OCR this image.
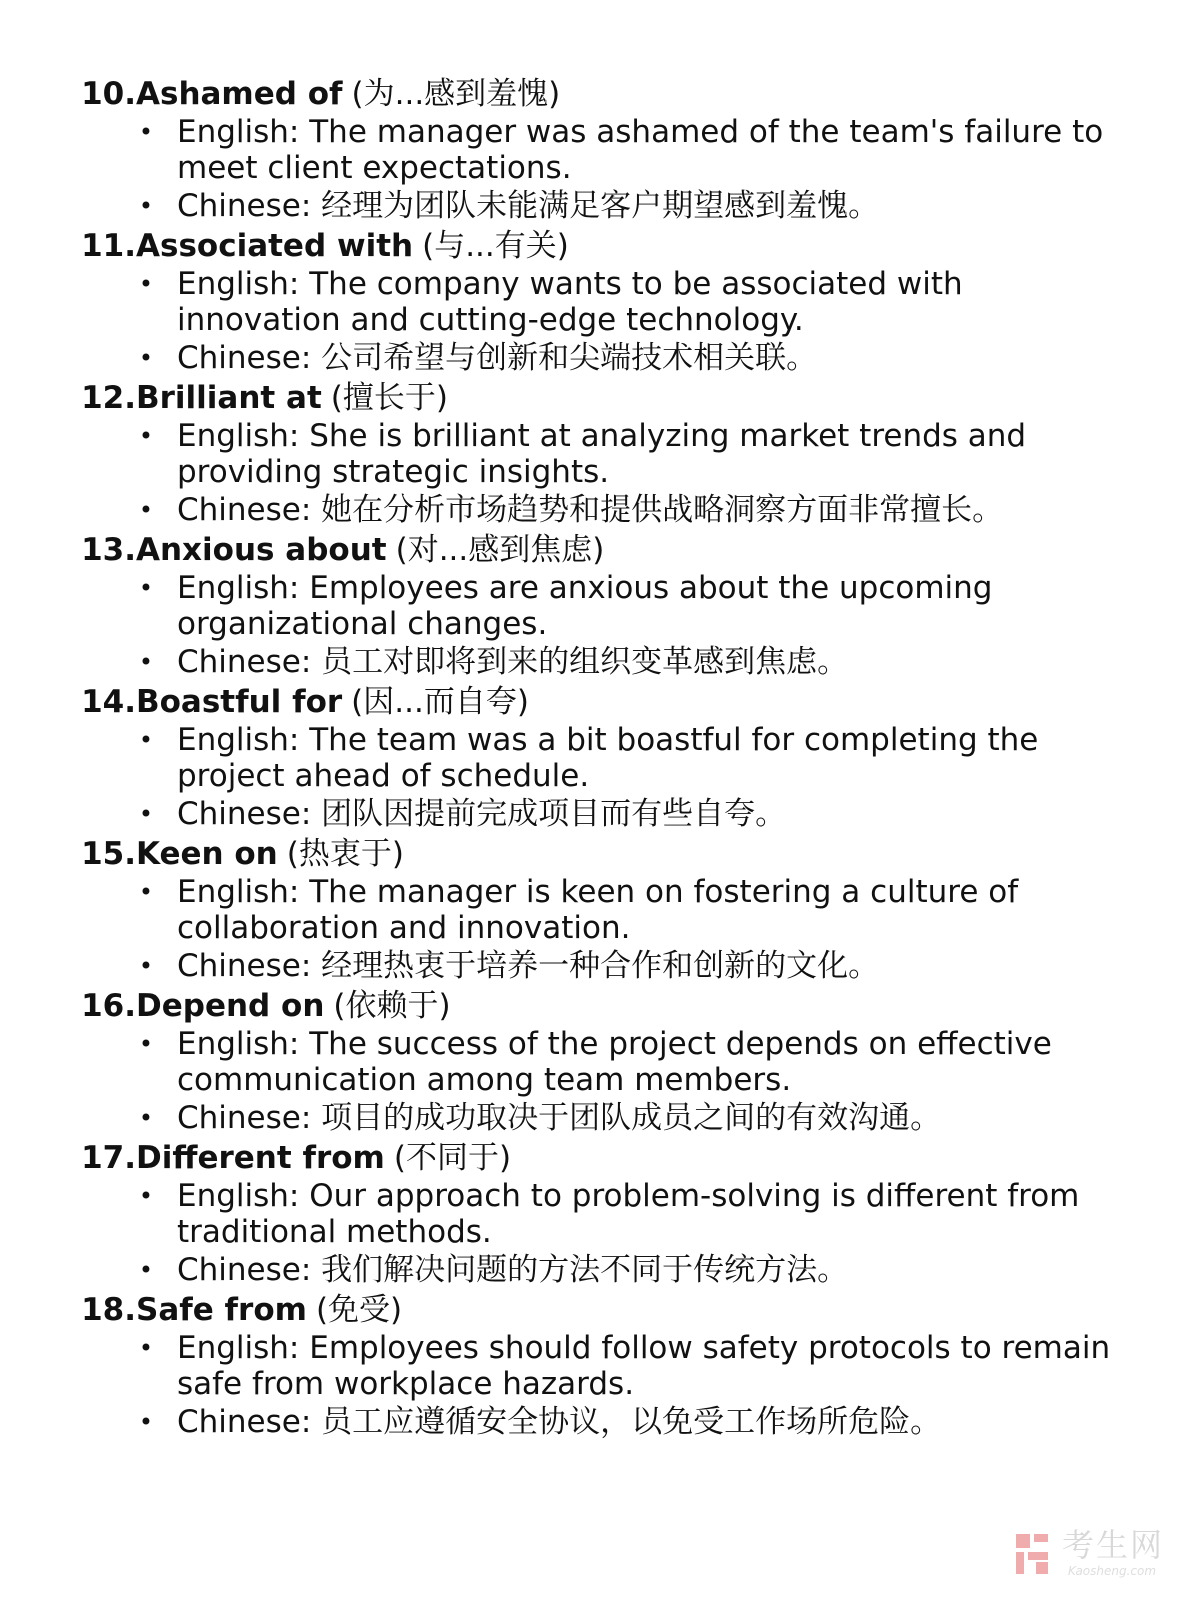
10. Ashamed of (为...感到羞愧)
• English: The manager was ashamed of the team's failure to meet client expectations.
• Chinese: 经理为团队未能满足客户期望感到羞愧。
11. Associated with (与...有关)
• English: The company wants to be associated with innovation and cutting-edge technology.
• Chinese: 公司希望与创新和尖端技术相关联。
12. Brilliant at (擅长于)
• English: She is brilliant at analyzing market trends and providing strategic insights.
• Chinese: 她在分析市场趋势和提供战略洞察方面非常擅长。
13. Anxious about (对...感到焦虑)
• English: Employees are anxious about the upcoming organizational changes.
• Chinese: 员工对即将到来的组织变革感到焦虑。
14. Boastful for (因...而自夸)
• English: The team was a bit boastful for completing the project ahead of schedule.
• Chinese: 团队因提前完成项目而有些自夸。
15. Keen on (热衷于)
• English: The manager is keen on fostering a culture of collaboration and innovation.
• Chinese: 经理热衷于培养一种合作和创新的文化。
16. Depend on (依赖于)
• English: The success of the project depends on effective communication among team members.
• Chinese: 项目的成功取决于团队成员之间的有效沟通。
17. Different from (不同于)
• English: Our approach to problem-solving is different from traditional methods.
• Chinese: 我们解决问题的方法不同于传统方法。
18. Safe from (免受)
• English: Employees should follow safety protocols to remain safe from workplace hazards.
• Chinese: 员工应遵循安全协议，以免受工作场所危险。
考生网
Kaosheng.com
